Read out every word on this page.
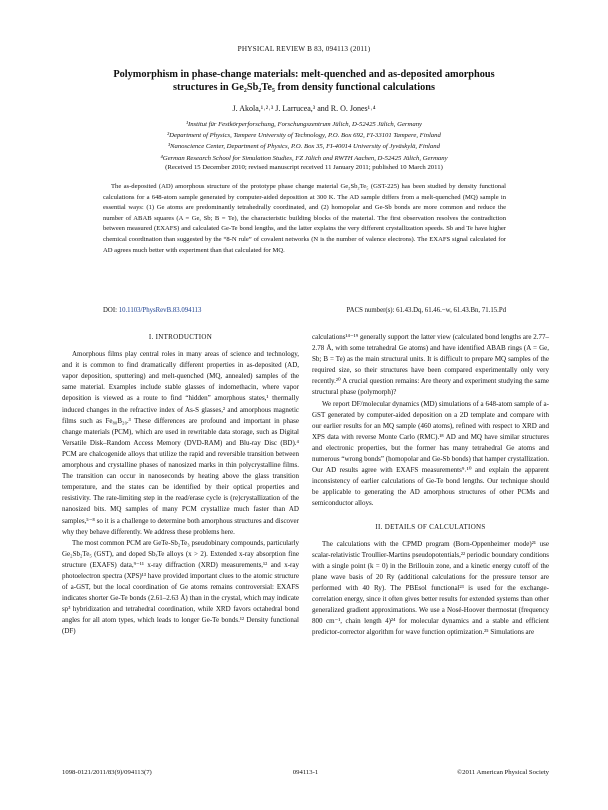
PHYSICAL REVIEW B 83, 094113 (2011)
Polymorphism in phase-change materials: melt-quenched and as-deposited amorphous
structures in Ge₂Sb₂Te₅ from density functional calculations
J. Akola,¹˒²˒³ J. Larrucea,³ and R. O. Jones¹˒⁴
¹Institut für Festkörperforschung, Forschungszentrum Jülich, D-52425 Jülich, Germany
²Department of Physics, Tampere University of Technology, P.O. Box 692, FI-33101 Tampere, Finland
³Nanoscience Center, Department of Physics, P.O. Box 35, FI-40014 University of Jyväskylä, Finland
⁴German Research School for Simulation Studies, FZ Jülich and RWTH Aachen, D-52425 Jülich, Germany
(Received 15 December 2010; revised manuscript received 11 January 2011; published 10 March 2011)
The as-deposited (AD) amorphous structure of the prototype phase change material Ge₂Sb₂Te₅ (GST-225) has been studied by density functional calculations for a 648-atom sample generated by computer-aided deposition at 300 K. The AD sample differs from a melt-quenched (MQ) sample in essential ways: (1) Ge atoms are predominantly tetrahedrally coordinated, and (2) homopolar and Ge-Sb bonds are more common and reduce the number of ABAB squares (A = Ge, Sb; B = Te), the characteristic building blocks of the material. The first observation resolves the contradiction between measured (EXAFS) and calculated Ge-Te bond lengths, and the latter explains the very different crystallization speeds. Sb and Te have higher chemical coordination than suggested by the “8-N rule” of covalent networks (N is the number of valence electrons). The EXAFS signal calculated for AD agrees much better with experiment than that calculated for MQ.
DOI: 10.1103/PhysRevB.83.094113	PACS number(s): 61.43.Dq, 61.46.−w, 61.43.Bn, 71.15.Pd
I. INTRODUCTION

Amorphous films play central roles in many areas of science and technology, and it is common to find dramatically different properties in as-deposited (AD, vapor deposition, sputtering) and melt-quenched (MQ, annealed) samples of the same material. Examples include stable glasses of indomethacin, where vapor deposition is viewed as a route to find “hidden” amorphous states,¹ thermally induced changes in the refractive index of As-S glasses,² and amorphous magnetic films such as Fe₈₀B₂₀.³ These differences are profound and important in phase change materials (PCM), which are used in rewritable data storage, such as Digital Versatile Disk–Random Access Memory (DVD-RAM) and Blu-ray Disc (BD).⁴ PCM are chalcogenide alloys that utilize the rapid and reversible transition between amorphous and crystalline phases of nanosized marks in thin polycrystalline films. The transition can occur in nanoseconds by heating above the glass transition temperature, and the states can be identified by their optical properties and resistivity. The rate-limiting step in the read/erase cycle is (re)crystallization of the nanosized bits. MQ samples of many PCM crystallize much faster than AD samples,⁵⁻⁸ so it is a challenge to determine both amorphous structures and discover why they behave differently. We address these problems here.

The most common PCM are GeTe-Sb₂Te₃ pseudobinary compounds, particularly Ge₂Sb₂Te₅ (GST), and doped SbₓTe alloys (x > 2). Extended x-ray absorption fine structure (EXAFS) data,⁹⁻¹¹ x-ray diffraction (XRD) measurements,¹² and x-ray photoelectron spectra (XPS)¹³ have provided important clues to the atomic structure of a-GST, but the local coordination of Ge atoms remains controversial: EXAFS indicates shorter Ge-Te bonds (2.61–2.63 Å) than in the crystal, which may indicate sp³ hybridization and tetrahedral coordination, while XRD favors octahedral bond angles for all atom types, which leads to longer Ge-Te bonds.¹² Density functional (DF)

calculations¹⁴⁻¹⁹ generally support the latter view (calculated bond lengths are 2.77–2.78 Å, with some tetrahedral Ge atoms) and have identified ABAB rings (A = Ge, Sb; B = Te) as the main structural units. It is difficult to prepare MQ samples of the required size, so their structures have been compared experimentally only very recently.²⁰ A crucial question remains: Are theory and experiment studying the same structural phase (polymorph)?

We report DF/molecular dynamics (MD) simulations of a 648-atom sample of a-GST generated by computer-aided deposition on a 2D template and compare with our earlier results for an MQ sample (460 atoms), refined with respect to XRD and XPS data with reverse Monte Carlo (RMC).¹⁸ AD and MQ have similar structures and electronic properties, but the former has many tetrahedral Ge atoms and numerous “wrong bonds” (homopolar and Ge-Sb bonds) that hamper crystallization. Our AD results agree with EXAFS measurements⁹˒¹⁰ and explain the apparent inconsistency of earlier calculations of Ge-Te bond lengths. Our technique should be applicable to generating the AD amorphous structures of other PCMs and semiconductor alloys.

II. DETAILS OF CALCULATIONS

The calculations with the CPMD program (Born-Oppenheimer mode)²¹ use scalar-relativistic Troullier-Martins pseudopotentials,²² periodic boundary conditions with a single point (k = 0) in the Brillouin zone, and a kinetic energy cutoff of the plane wave basis of 20 Ry (additional calculations for the pressure tensor are performed with 40 Ry). The PBEsol functional²³ is used for the exchange-correlation energy, since it often gives better results for extended systems than other generalized gradient approximations. We use a Nosé-Hoover thermostat (frequency 800 cm⁻¹, chain length 4)²⁴ for molecular dynamics and a stable and efficient predictor-corrector algorithm for wave function optimization.²⁵ Simulations are

1098-0121/2011/83(9)/094113(7)	094113-1	©2011 American Physical Society
